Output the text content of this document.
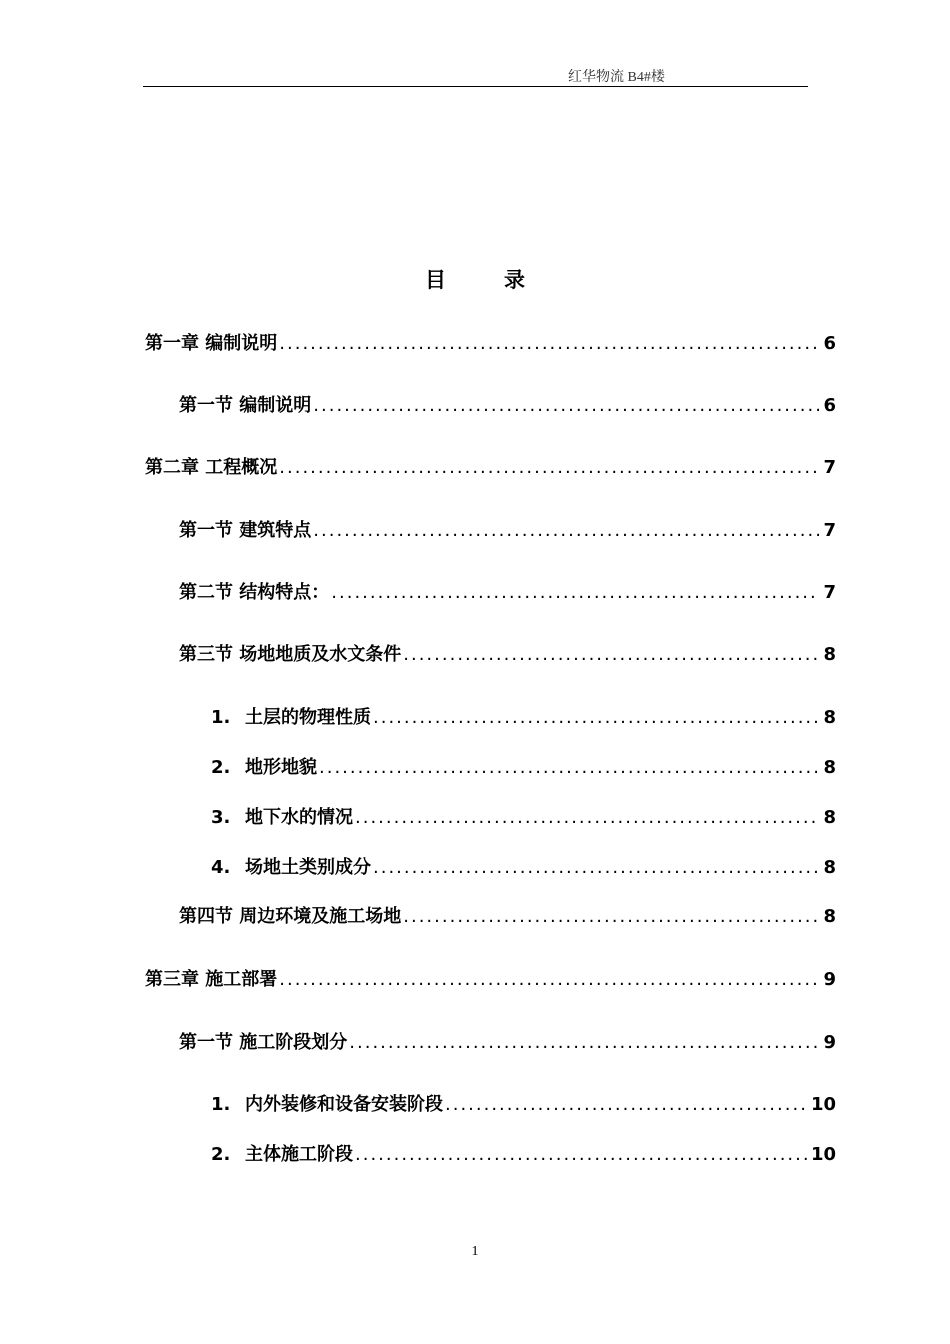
红华物流 B4#楼
目	录
第一章 编制说明 .....	6
第一节 编制说明 .....	6
第二章 工程概况 .....	7
第一节 建筑特点 .....	7
第二节 结构特点： .....	7
第三节 场地地质及水文条件 .....	8
1. 土层的物理性质 .....	8
2. 地形地貌 .....	8
3. 地下水的情况 .....	8
4. 场地土类别成分 .....	8
第四节 周边环境及施工场地 .....	8
第三章 施工部署 .....	9
第一节 施工阶段划分 .....	9
1. 内外装修和设备安装阶段 .....	10
2. 主体施工阶段 .....	10
1
